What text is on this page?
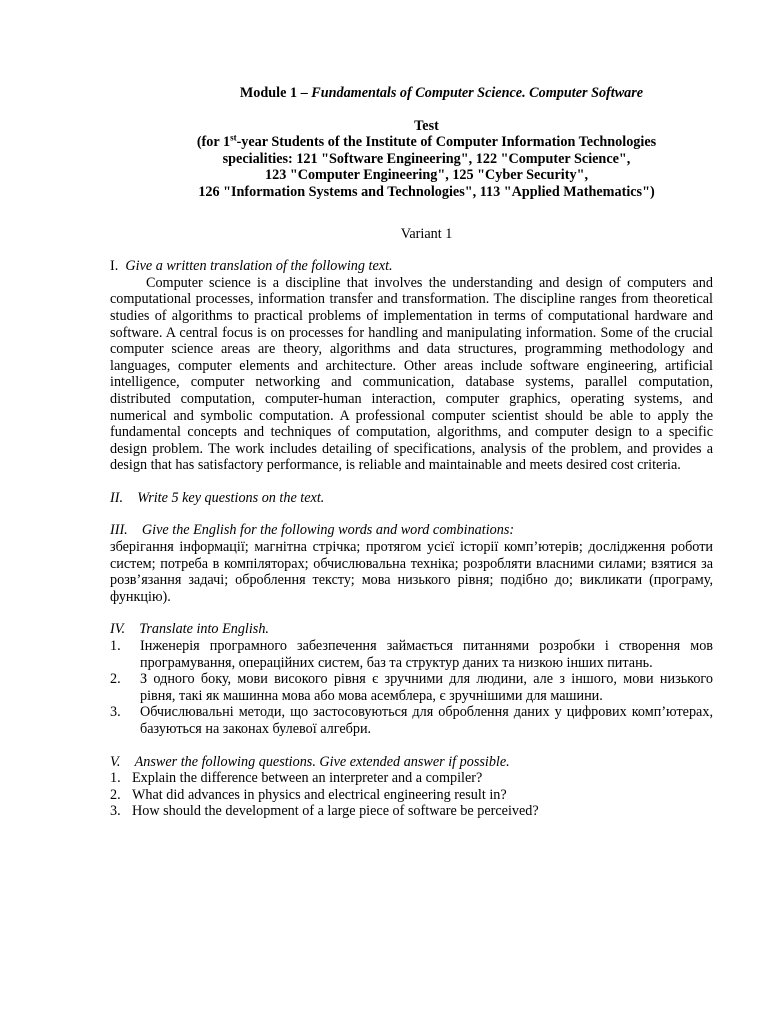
Module 1 – Fundamentals of Computer Science. Computer Software
Test
(for 1st-year Students of the Institute of Computer Information Technologies
specialities: 121 "Software Engineering", 122 "Computer Science",
123 "Computer Engineering", 125 "Cyber Security",
126 "Information Systems and Technologies", 113 "Applied Mathematics")
Variant 1
I. Give a written translation of the following text.
Computer science is a discipline that involves the understanding and design of computers and computational processes, information transfer and transformation. The discipline ranges from theoretical studies of algorithms to practical problems of implementation in terms of computational hardware and software. A central focus is on processes for handling and manipulating information. Some of the crucial computer science areas are theory, algorithms and data structures, programming methodology and languages, computer elements and architecture. Other areas include software engineering, artificial intelligence, computer networking and communication, database systems, parallel computation, distributed computation, computer-human interaction, computer graphics, operating systems, and numerical and symbolic computation. A professional computer scientist should be able to apply the fundamental concepts and techniques of computation, algorithms, and computer design to a specific design problem. The work includes detailing of specifications, analysis of the problem, and provides a design that has satisfactory performance, is reliable and maintainable and meets desired cost criteria.
II. Write 5 key questions on the text.
III. Give the English for the following words and word combinations:
зберігання інформації; магнітна стрічка; протягом усієї історії комп’ютерів; дослідження роботи систем; потреба в компіляторах; обчислювальна техніка; розробляти власними силами; взятися за розв’язання задачі; оброблення тексту; мова низького рівня; подібно до; викликати (програму, функцію).
IV. Translate into English.
1. Інженерія програмного забезпечення займається питаннями розробки і створення мов програмування, операційних систем, баз та структур даних та низкою інших питань.
2. З одного боку, мови високого рівня є зручними для людини, але з іншого, мови низького рівня, такі як машинна мова або мова асемблера, є зручнішими для машини.
3. Обчислювальні методи, що застосовуються для оброблення даних у цифрових комп’ютерах, базуються на законах булевої алгебри.
V. Answer the following questions. Give extended answer if possible.
1. Explain the difference between an interpreter and a compiler?
2. What did advances in physics and electrical engineering result in?
3. How should the development of a large piece of software be perceived?
